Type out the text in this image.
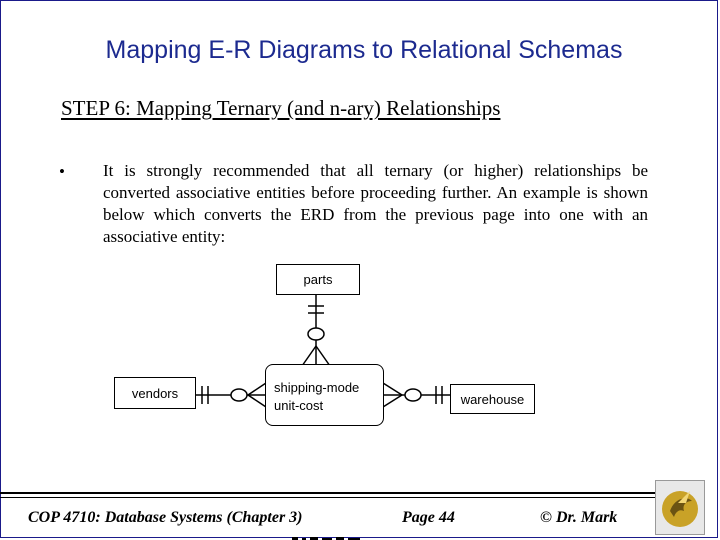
Mapping E-R Diagrams to Relational Schemas
STEP 6: Mapping Ternary (and n-ary) Relationships
• It is strongly recommended that all ternary (or higher) relationships be converted associative entities before proceeding further. An example is shown below which converts the ERD from the previous page into one with an associative entity:
parts
vendors	warehouse
shipping-mode
unit-cost
COP 4710: Database Systems (Chapter 3)	Page 44	© Dr. Mark
